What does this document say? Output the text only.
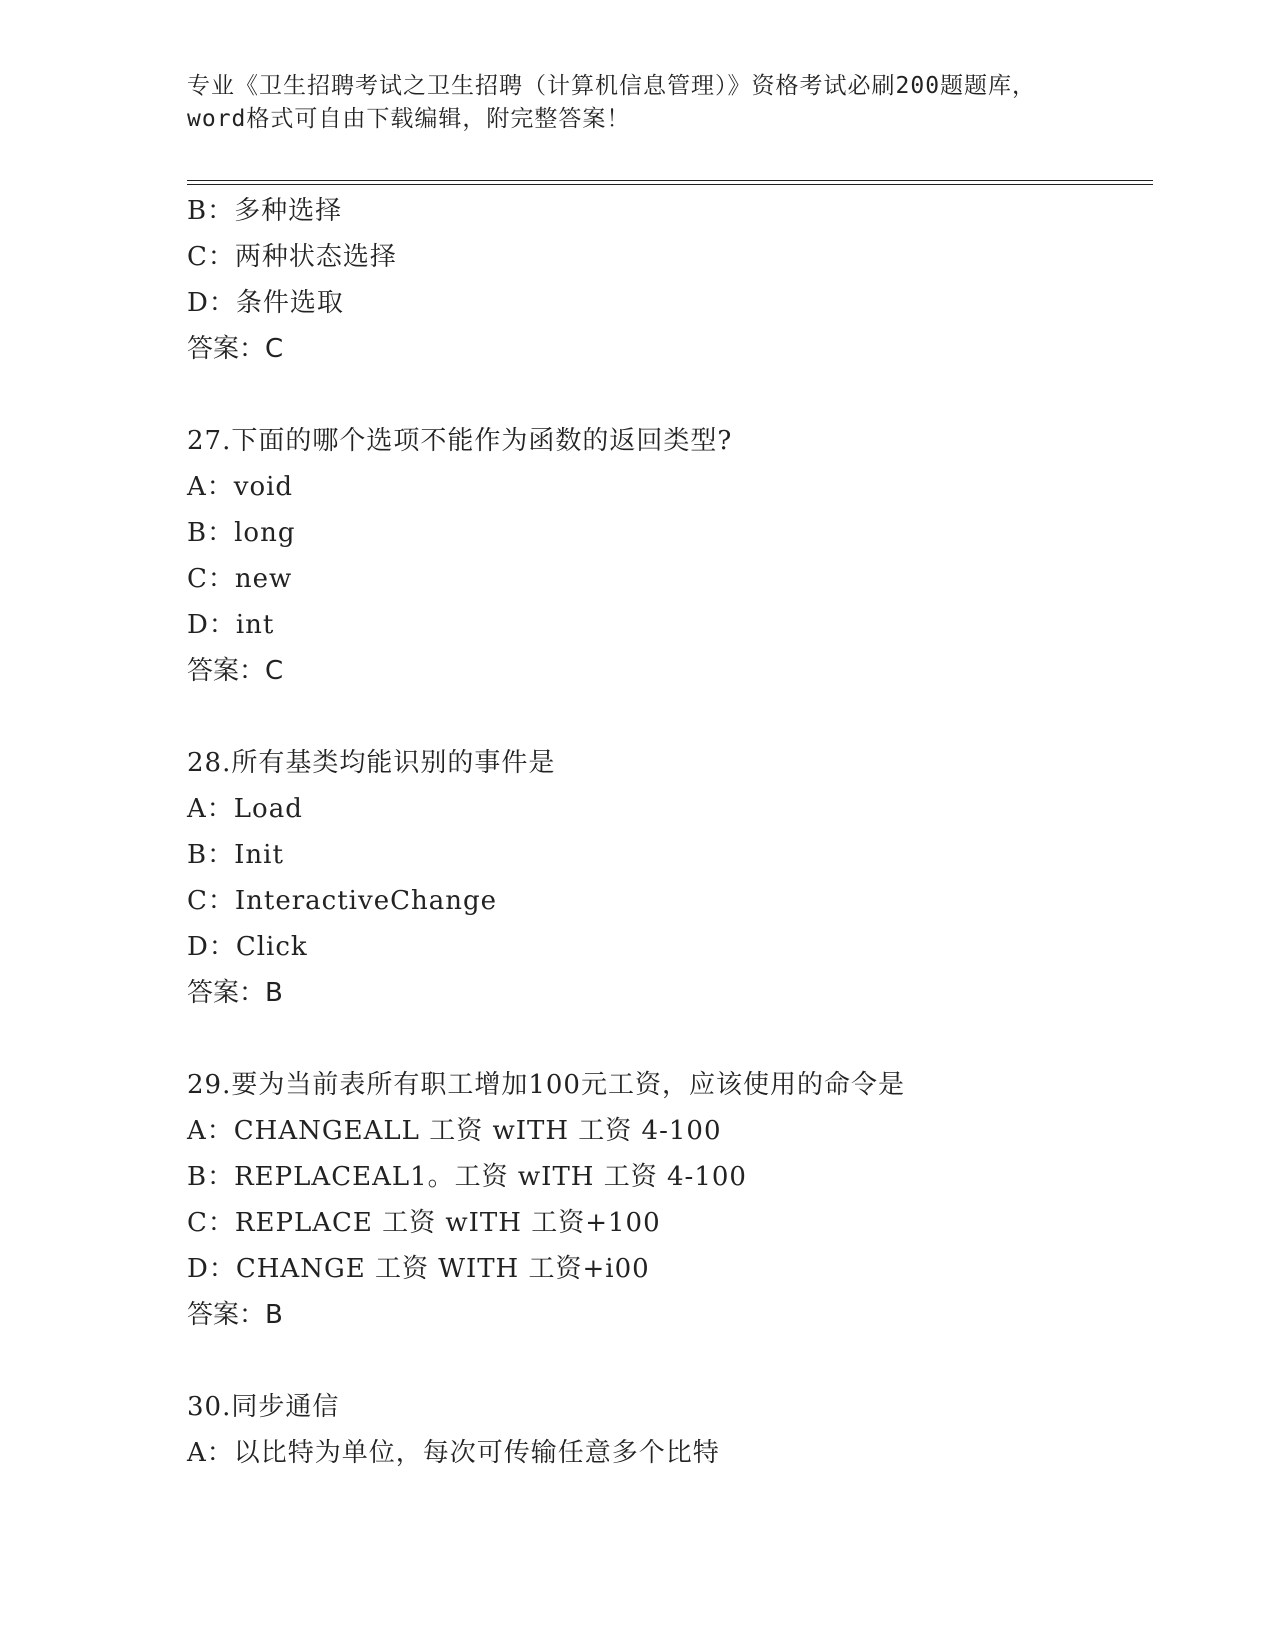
专业《卫生招聘考试之卫生招聘（计算机信息管理）》资格考试必刷200题题库，
word格式可自由下载编辑，附完整答案！
B：多种选择
C：两种状态选择
D：条件选取
答案：C
27.下面的哪个选项不能作为函数的返回类型?
A：void
B：long
C：new
D：int
答案：C
28.所有基类均能识别的事件是
A：Load
B：Init
C：InteractiveChange
D：Click
答案：B
29.要为当前表所有职工增加100元工资，应该使用的命令是
A：CHANGEALL 工资 wITH 工资 4-100
B：REPLACEAL1。工资 wITH 工资 4-100
C：REPLACE 工资 wITH 工资+100
D：CHANGE 工资 WITH 工资+i00
答案：B
30.同步通信
A：以比特为单位，每次可传输任意多个比特
